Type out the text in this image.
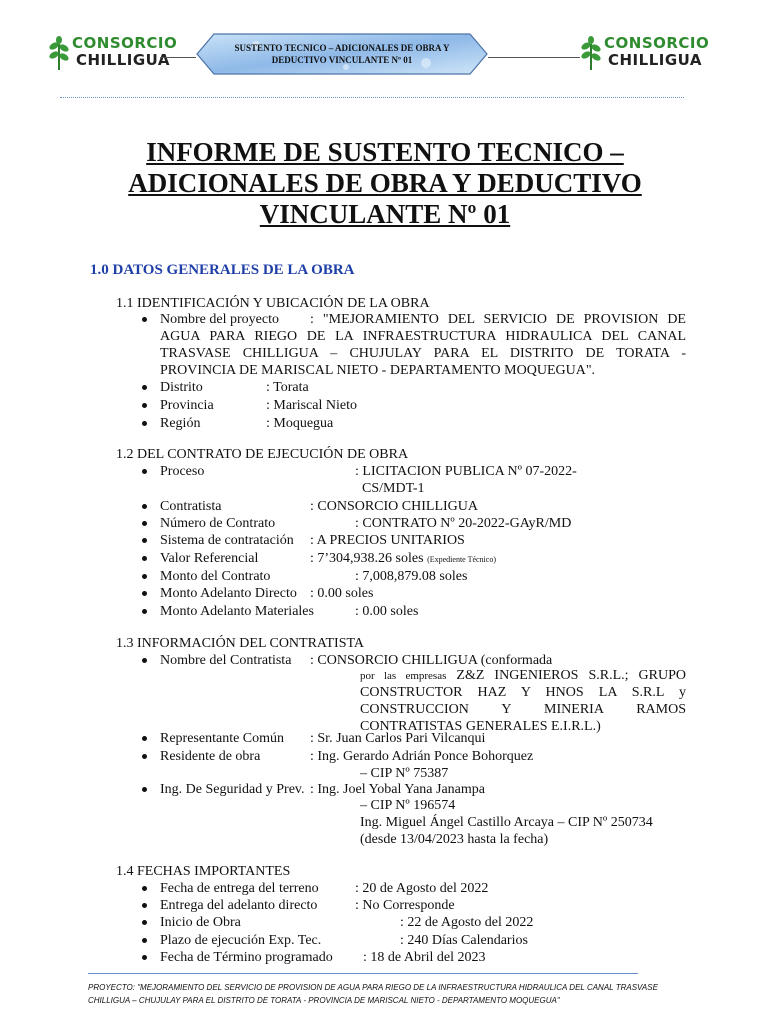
CONSORCIO
CHILLIGUA
SUSTENTO TECNICO – ADICIONALES DE OBRA Y
DEDUCTIVO VINCULANTE Nº 01
CONSORCIO
CHILLIGUA
INFORME DE SUSTENTO TECNICO –
ADICIONALES DE OBRA Y DEDUCTIVO
VINCULANTE Nº 01
1.0 DATOS GENERALES DE LA OBRA
1.1 IDENTIFICACIÓN Y UBICACIÓN DE LA OBRA
Nombre del proyecto	: "MEJORAMIENTO DEL SERVICIO DE PROVISION DE AGUA PARA RIEGO DE LA INFRAESTRUCTURA HIDRAULICA DEL CANAL TRASVASE CHILLIGUA – CHUJULAY PARA EL DISTRITO DE TORATA - PROVINCIA DE MARISCAL NIETO - DEPARTAMENTO MOQUEGUA".
Distrito	: Torata
Provincia	: Mariscal Nieto
Región	: Moquegua
1.2 DEL CONTRATO DE EJECUCIÓN DE OBRA
Proceso	: LICITACION PUBLICA Nº 07-2022-
CS/MDT-1
Contratista	: CONSORCIO CHILLIGUA
Número de Contrato	: CONTRATO Nº 20-2022-GAyR/MD
Sistema de contratación : A PRECIOS UNITARIOS
Valor Referencial	: 7’304,938.26 soles (Expediente Técnico)
Monto del Contrato	: 7,008,879.08 soles
Monto Adelanto Directo : 0.00 soles
Monto Adelanto Materiales	: 0.00 soles
1.3 INFORMACIÓN DEL CONTRATISTA
Nombre del Contratista : CONSORCIO CHILLIGUA (conformada
por las empresas Z&Z INGENIEROS S.R.L.; GRUPO CONSTRUCTOR HAZ Y HNOS LA S.R.L y CONSTRUCCION Y MINERIA RAMOS CONTRATISTAS GENERALES E.I.R.L.)
Representante Común : Sr. Juan Carlos Pari Vilcanqui
Residente de obra	: Ing. Gerardo Adrián Ponce Bohorquez
– CIP Nº 75387
Ing. De Seguridad y Prev. : Ing. Joel Yobal Yana Janampa
– CIP Nº 196574
Ing. Miguel Ángel Castillo Arcaya – CIP Nº 250734
(desde 13/04/2023 hasta la fecha)
1.4 FECHAS IMPORTANTES
Fecha de entrega del terreno	: 20 de Agosto del 2022
Entrega del adelanto directo	: No Corresponde
Inicio de Obra	: 22 de Agosto del 2022
Plazo de ejecución Exp. Tec.	: 240 Días Calendarios
Fecha de Término programado : 18 de Abril del 2023
PROYECTO: "MEJORAMIENTO DEL SERVICIO DE PROVISION DE AGUA PARA RIEGO DE LA INFRAESTRUCTURA HIDRAULICA DEL CANAL TRASVASE
CHILLIGUA – CHUJULAY PARA EL DISTRITO DE TORATA - PROVINCIA DE MARISCAL NIETO - DEPARTAMENTO MOQUEGUA"
